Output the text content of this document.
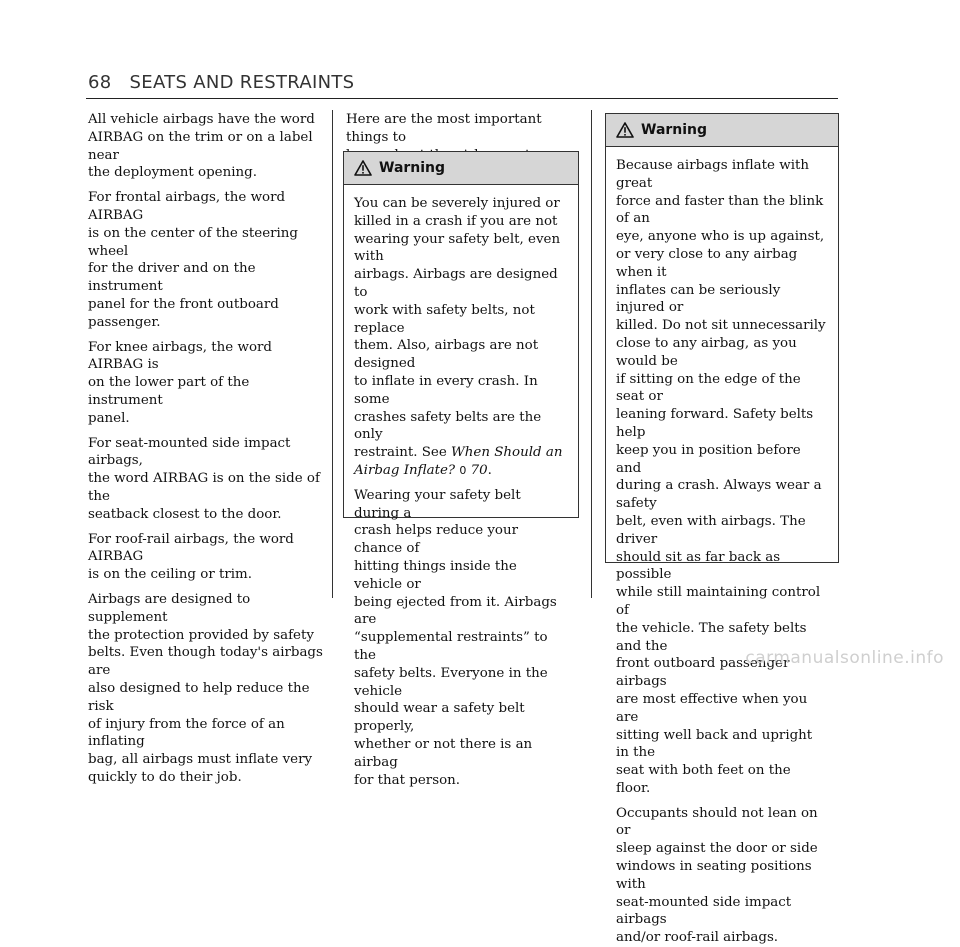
68 SEATS AND RESTRAINTS

All vehicle airbags have the word
AIRBAG on the trim or on a label near
the deployment opening.

For frontal airbags, the word AIRBAG
is on the center of the steering wheel
for the driver and on the instrument
panel for the front outboard
passenger.

For knee airbags, the word AIRBAG is
on the lower part of the instrument
panel.

For seat-mounted side impact airbags,
the word AIRBAG is on the side of the
seatback closest to the door.

For roof-rail airbags, the word AIRBAG
is on the ceiling or trim.

Airbags are designed to supplement
the protection provided by safety
belts. Even though today's airbags are
also designed to help reduce the risk
of injury from the force of an inflating
bag, all airbags must inflate very
quickly to do their job.

Here are the most important things to

Warning

You can be severely injured or
killed in a crash if you are not
wearing your safety belt, even with
airbags. Airbags are designed to
work with safety belts, not replace
them. Also, airbags are not designed
to inflate in every crash. In some
crashes safety belts are the only
restraint. See When Should an
Airbag Inflate? 0 70.

Wearing your safety belt during a
crash helps reduce your chance of
hitting things inside the vehicle or
being ejected from it. Airbags are
“supplemental restraints” to the
safety belts. Everyone in the vehicle
should wear a safety belt properly,
whether or not there is an airbag
for that person.

Warning

Because airbags inflate with great
force and faster than the blink of an
eye, anyone who is up against,
or very close to any airbag when it
inflates can be seriously injured or
killed. Do not sit unnecessarily
close to any airbag, as you would be
if sitting on the edge of the seat or
leaning forward. Safety belts help
keep you in position before and
during a crash. Always wear a safety
belt, even with airbags. The driver
should sit as far back as possible
while still maintaining control of
the vehicle. The safety belts and the
front outboard passenger airbags
are most effective when you are
sitting well back and upright in the
seat with both feet on the floor.

Occupants should not lean on or
sleep against the door or side
windows in seating positions with
seat-mounted side impact airbags
and/or roof-rail airbags.

carmanualsonline.info
